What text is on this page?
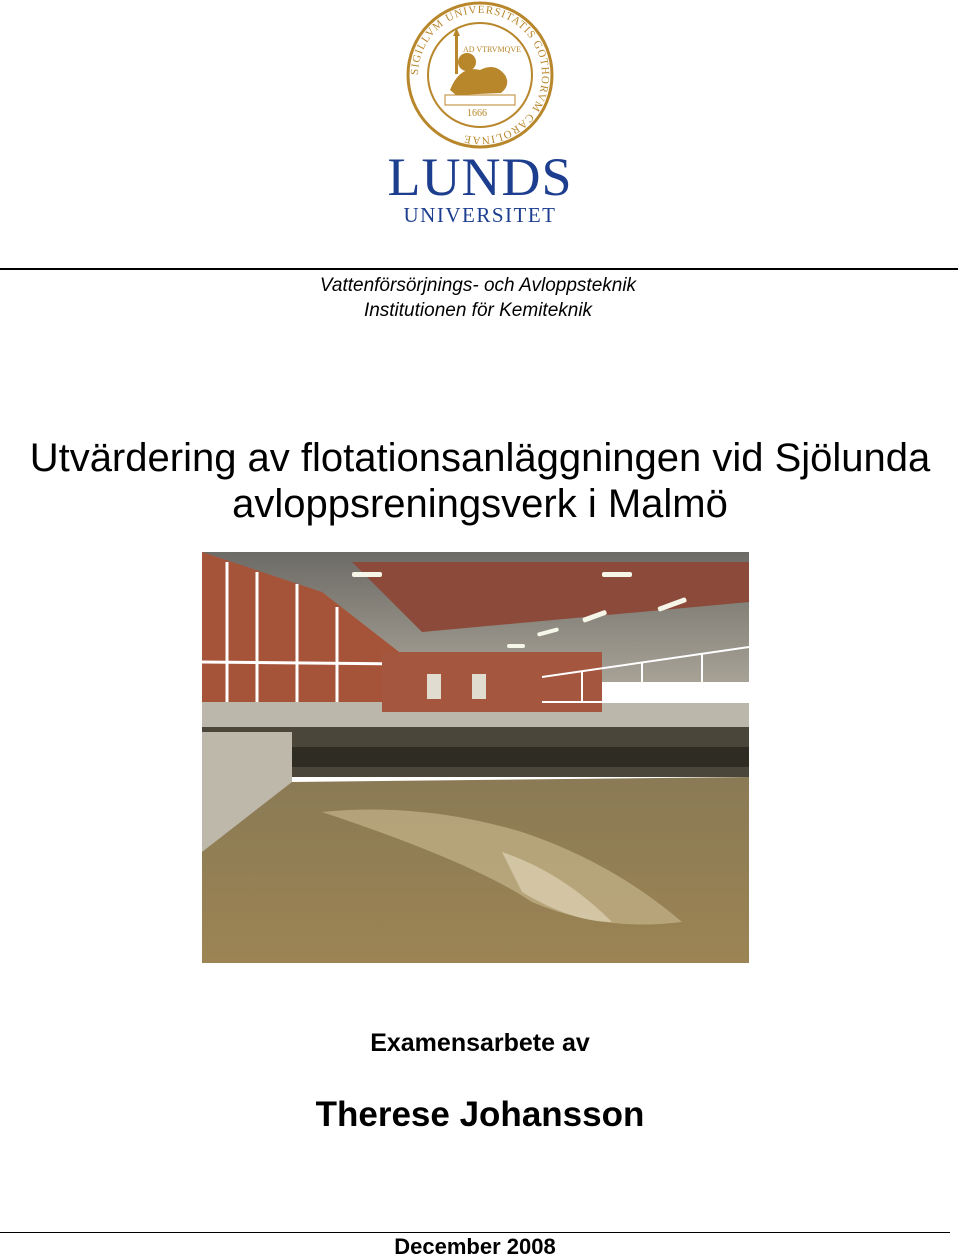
SIGILLVM UNIVERSITATIS GOTHORVM CAROLINAE
AD VT RVMQVE
1666
LUNDS
UNIVERSITET
Vattenförsörjnings- och Avloppsteknik
Institutionen för Kemiteknik
Utvärdering av flotationsanläggningen vid Sjölunda
avloppsreningsverk i Malmö
Examensarbete av
Therese Johansson
December 2008
